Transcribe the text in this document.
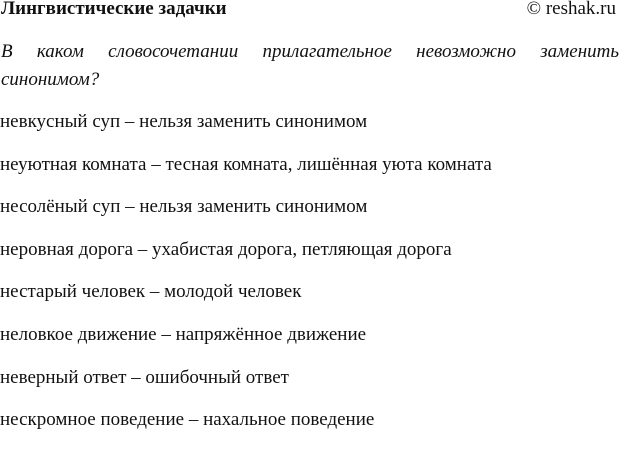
Лингвистические задачки	© reshak.ru
В каком словосочетании прилагательное невозможно заменить синонимом?
невкусный суп – нельзя заменить синонимом
неуютная комната – тесная комната, лишённая уюта комната
несолёный суп – нельзя заменить синонимом
неровная дорога – ухабистая дорога, петляющая дорога
нестарый человек – молодой человек
неловкое движение – напряжённое движение
неверный ответ – ошибочный ответ
нескромное поведение – нахальное поведение
